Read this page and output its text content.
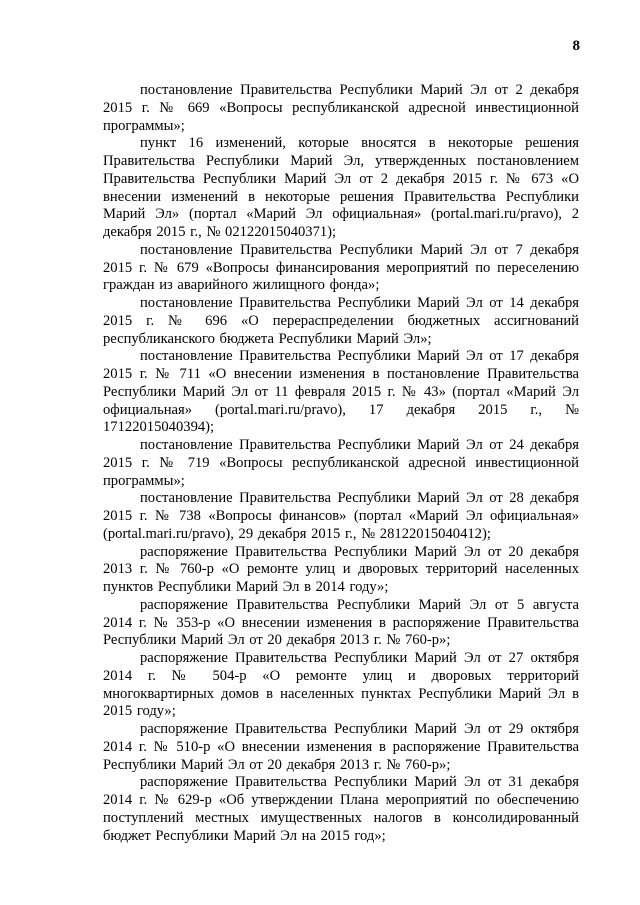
8

постановление Правительства Республики Марий Эл от 2 декабря 2015 г. № 669 «Вопросы республиканской адресной инвестиционной программы»;

пункт 16 изменений, которые вносятся в некоторые решения Правительства Республики Марий Эл, утвержденных постановлением Правительства Республики Марий Эл от 2 декабря 2015 г. № 673 «О внесении изменений в некоторые решения Правительства Республики Марий Эл» (портал «Марий Эл официальная» (portal.mari.ru/pravo), 2 декабря 2015 г., № 02122015040371);

постановление Правительства Республики Марий Эл от 7 декабря 2015 г. № 679 «Вопросы финансирования мероприятий по переселению граждан из аварийного жилищного фонда»;

постановление Правительства Республики Марий Эл от 14 декабря 2015 г. № 696 «О перераспределении бюджетных ассигнований республиканского бюджета Республики Марий Эл»;

постановление Правительства Республики Марий Эл от 17 декабря 2015 г. № 711 «О внесении изменения в постановление Правительства Республики Марий Эл от 11 февраля 2015 г. № 43» (портал «Марий Эл официальная» (portal.mari.ru/pravo), 17 декабря 2015 г., № 17122015040394);

постановление Правительства Республики Марий Эл от 24 декабря 2015 г. № 719 «Вопросы республиканской адресной инвестиционной программы»;

постановление Правительства Республики Марий Эл от 28 декабря 2015 г. № 738 «Вопросы финансов» (портал «Марий Эл официальная» (portal.mari.ru/pravo), 29 декабря 2015 г., № 28122015040412);

распоряжение Правительства Республики Марий Эл от 20 декабря 2013 г. № 760-р «О ремонте улиц и дворовых территорий населенных пунктов Республики Марий Эл в 2014 году»;

распоряжение Правительства Республики Марий Эл от 5 августа 2014 г. № 353-р «О внесении изменения в распоряжение Правительства Республики Марий Эл от 20 декабря 2013 г. № 760-р»;

распоряжение Правительства Республики Марий Эл от 27 октября 2014 г. № 504-р «О ремонте улиц и дворовых территорий многоквартирных домов в населенных пунктах Республики Марий Эл в 2015 году»;

распоряжение Правительства Республики Марий Эл от 29 октября 2014 г. № 510-р «О внесении изменения в распоряжение Правительства Республики Марий Эл от 20 декабря 2013 г. № 760-р»;

распоряжение Правительства Республики Марий Эл от 31 декабря 2014 г. № 629-р «Об утверждении Плана мероприятий по обеспечению поступлений местных имущественных налогов в консолидированный бюджет Республики Марий Эл на 2015 год»;
